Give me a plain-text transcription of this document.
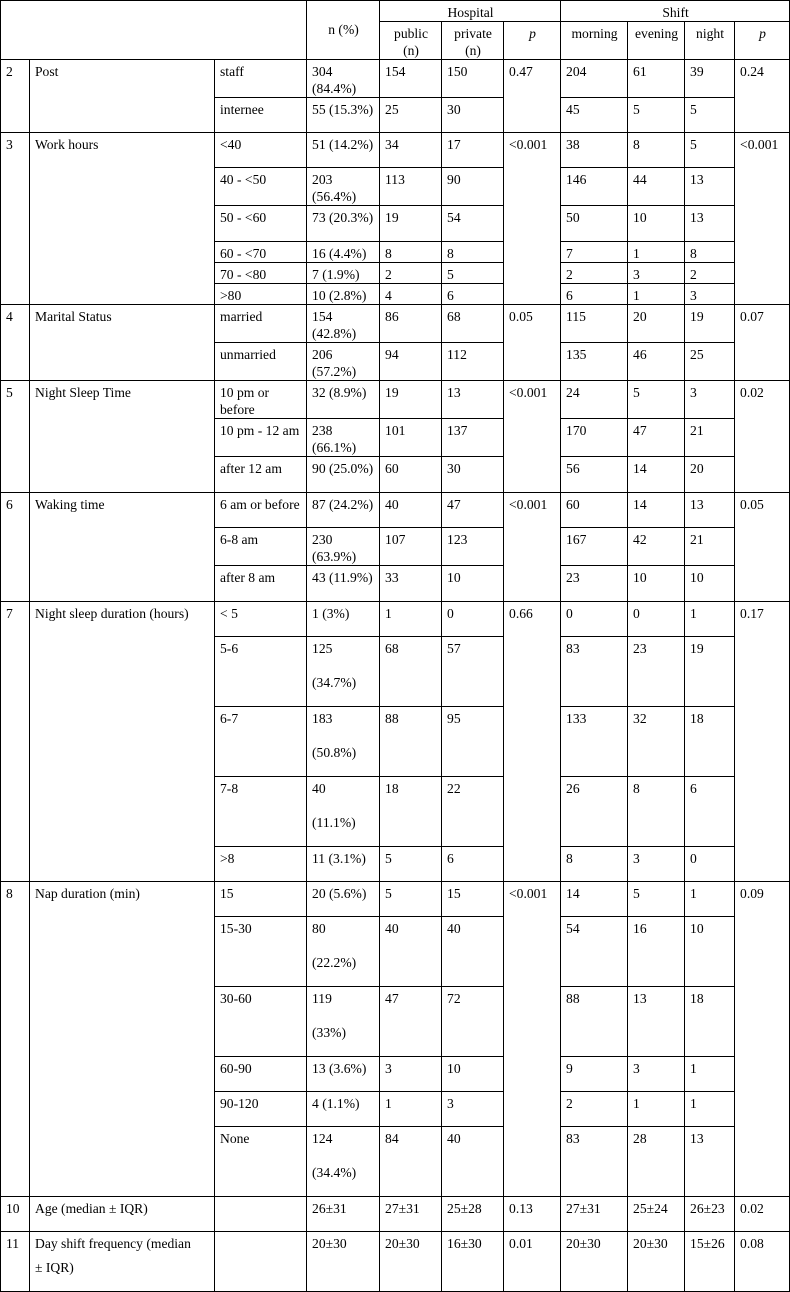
			n (%)	Hospital			Shift			
				public (n)	private (n)	p	morning	evening	night	p
2	Post	staff	304 (84.4%)	154	150	0.47	204	61	39	0.24
		internee	55 (15.3%)	25	30		45	5	5	
3	Work hours	<40	51 (14.2%)	34	17	<0.001	38	8	5	<0.001
		40 - <50	203 (56.4%)	113	90		146	44	13	
		50 - <60	73 (20.3%)	19	54		50	10	13	
		60 - <70	16 (4.4%)	8	8		7	1	8	
		70 - <80	7 (1.9%)	2	5		2	3	2	
		>80	10 (2.8%)	4	6		6	1	3	
4	Marital Status	married	154 (42.8%)	86	68	0.05	115	20	19	0.07
		unmarried	206 (57.2%)	94	112		135	46	25	
5	Night Sleep Time	10 pm or before	32 (8.9%)	19	13	<0.001	24	5	3	0.02
		10 pm - 12 am	238 (66.1%)	101	137		170	47	21	
		after 12 am	90 (25.0%)	60	30		56	14	20	
6	Waking time	6 am or before	87 (24.2%)	40	47	<0.001	60	14	13	0.05
		6-8 am	230 (63.9%)	107	123		167	42	21	
		after 8 am	43 (11.9%)	33	10		23	10	10	
7	Night sleep duration (hours)	< 5	1 (3%)	1	0	0.66	0	0	1	0.17
		5-6	125
(34.7%)	68	57		83	23	19	
		6-7	183
(50.8%)	88	95		133	32	18	
		7-8	40
(11.1%)	18	22		26	8	6	
		>8	11 (3.1%)	5	6		8	3	0	
8	Nap duration (min)	15	20 (5.6%)	5	15	<0.001	14	5	1	0.09
		15-30	80
(22.2%)	40	40		54	16	10	
		30-60	119
(33%)	47	72		88	13	18	
		60-90	13 (3.6%)	3	10		9	3	1	
		90-120	4 (1.1%)	1	3		2	1	1	
		None	124
(34.4%)	84	40		83	28	13	
10	Age (median ± IQR)		26±31	27±31	25±28	0.13	27±31	25±24	26±23	0.02
11	Day shift frequency (median
± IQR)		20±30	20±30	16±30	0.01	20±30	20±30	15±26	0.08
